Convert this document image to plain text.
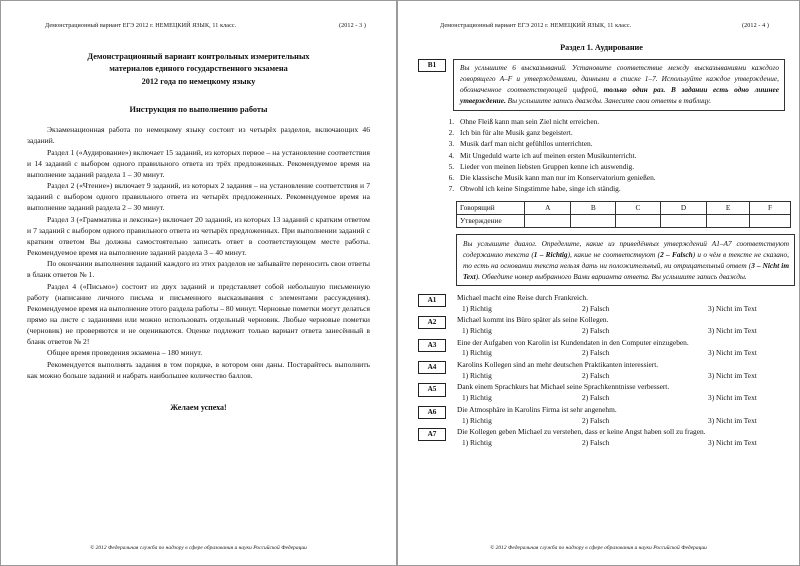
Демонстрационный вариант ЕГЭ 2012 г. НЕМЕЦКИЙ ЯЗЫК, 11 класс.	(2012 - 3 )
Демонстрационный вариант контрольных измерительных
материалов единого государственного экзамена
2012 года по немецкому языку
Инструкция по выполнению работы

Экзаменационная работа по немецкому языку состоит из четырёх разделов, включающих 46 заданий.

Раздел 1 («Аудирование») включает 15 заданий, из которых первое – на установление соответствия и 14 заданий с выбором одного правильного ответа из трёх предложенных. Рекомендуемое время на выполнение заданий раздела 1 – 30 минут.

Раздел 2 («Чтение») включает 9 заданий, из которых 2 задания – на установление соответствия и 7 заданий с выбором одного правильного ответа из четырёх предложенных. Рекомендуемое время на выполнение заданий раздела 2 – 30 минут.

Раздел 3 («Грамматика и лексика») включает 20 заданий, из которых 13 заданий с кратким ответом и 7 заданий с выбором одного правильного ответа из четырёх предложенных. При выполнении заданий с кратким ответом Вы должны самостоятельно записать ответ в соответствующем месте работы. Рекомендуемое время на выполнение заданий раздела 3 – 40 минут.

По окончании выполнения заданий каждого из этих разделов не забывайте переносить свои ответы в бланк ответов № 1.

Раздел 4 («Письмо») состоит из двух заданий и представляет собой небольшую письменную работу (написание личного письма и письменного высказывания с элементами рассуждения). Рекомендуемое время на выполнение этого раздела работы – 80 минут. Черновые пометки могут делаться прямо на листе с заданиями или можно использовать отдельный черновик. Любые черновые пометки (черновик) не проверяются и не оцениваются. Оценке подлежит только вариант ответа занесённый в бланк ответов № 2!

Общее время проведения экзамена – 180 минут.

Рекомендуется выполнять задания в том порядке, в котором они даны. Постарайтесь выполнить как можно больше заданий и набрать наибольшее количество баллов.

Желаем успеха!
© 2012 Федеральная служба по надзору в сфере образования и науки Российской Федерации
Демонстрационный вариант ЕГЭ 2012 г. НЕМЕЦКИЙ ЯЗЫК, 11 класс.	(2012 - 4 )
Раздел 1. Аудирование
B1	Вы услышите 6 высказываний. Установите соответствие между высказываниями каждого говорящего A–F и утверждениями, данными в списке 1–7. Используйте каждое утверждение, обозначенное соответствующей цифрой, только один раз. В задании есть одно лишнее утверждение. Вы услышите запись дважды. Занесите свои ответы в таблицу.
1. Ohne Fleiß kann man sein Ziel nicht erreichen.
2. Ich bin für alte Musik ganz begeistert.
3. Musik darf man nicht gefühllos unterrichten.
4. Mit Ungeduld warte ich auf meinen ersten Musikunterricht.
5. Lieder von meinen liebsten Gruppen kenne ich auswendig.
6. Die klassische Musik kann man nur im Konservatorium genießen.
7. Obwohl ich keine Singstimme habe, singe ich ständig.
Говорящий	A	B	C	D	E	F
Утверждение						
Вы услышите диалог. Определите, какие из приведённых утверждений A1–A7 соответствуют содержанию текста (1 – Richtig), какие не соответствуют (2 – Falsch) и о чём в тексте не сказано, то есть на основании текста нельзя дать ни положительный, ни отрицательный ответ (3 – Nicht im Text). Обведите номер выбранного Вами варианта ответа. Вы услышите запись дважды.
A1	Michael macht eine Reise durch Frankreich.

1) Richtig	2) Falsch	3) Nicht im Text
A2	Michael kommt ins Büro später als seine Kollegen.

1) Richtig	2) Falsch	3) Nicht im Text
A3	Eine der Aufgaben von Karolin ist Kundendaten in den Computer einzugeben.

1) Richtig	2) Falsch	3) Nicht im Text
A4	Karolins Kollegen sind an mehr deutschen Praktikanten interessiert.

1) Richtig	2) Falsch	3) Nicht im Text
A5	Dank einem Sprachkurs hat Michael seine Sprachkenntnisse verbessert.

1) Richtig	2) Falsch	3) Nicht im Text
A6	Die Atmosphäre in Karolins Firma ist sehr angenehm.

1) Richtig	2) Falsch	3) Nicht im Text
A7	Die Kollegen geben Michael zu verstehen, dass er keine Angst haben soll zu fragen.

1) Richtig	2) Falsch	3) Nicht im Text
© 2012 Федеральная служба по надзору в сфере образования и науки Российской Федерации
